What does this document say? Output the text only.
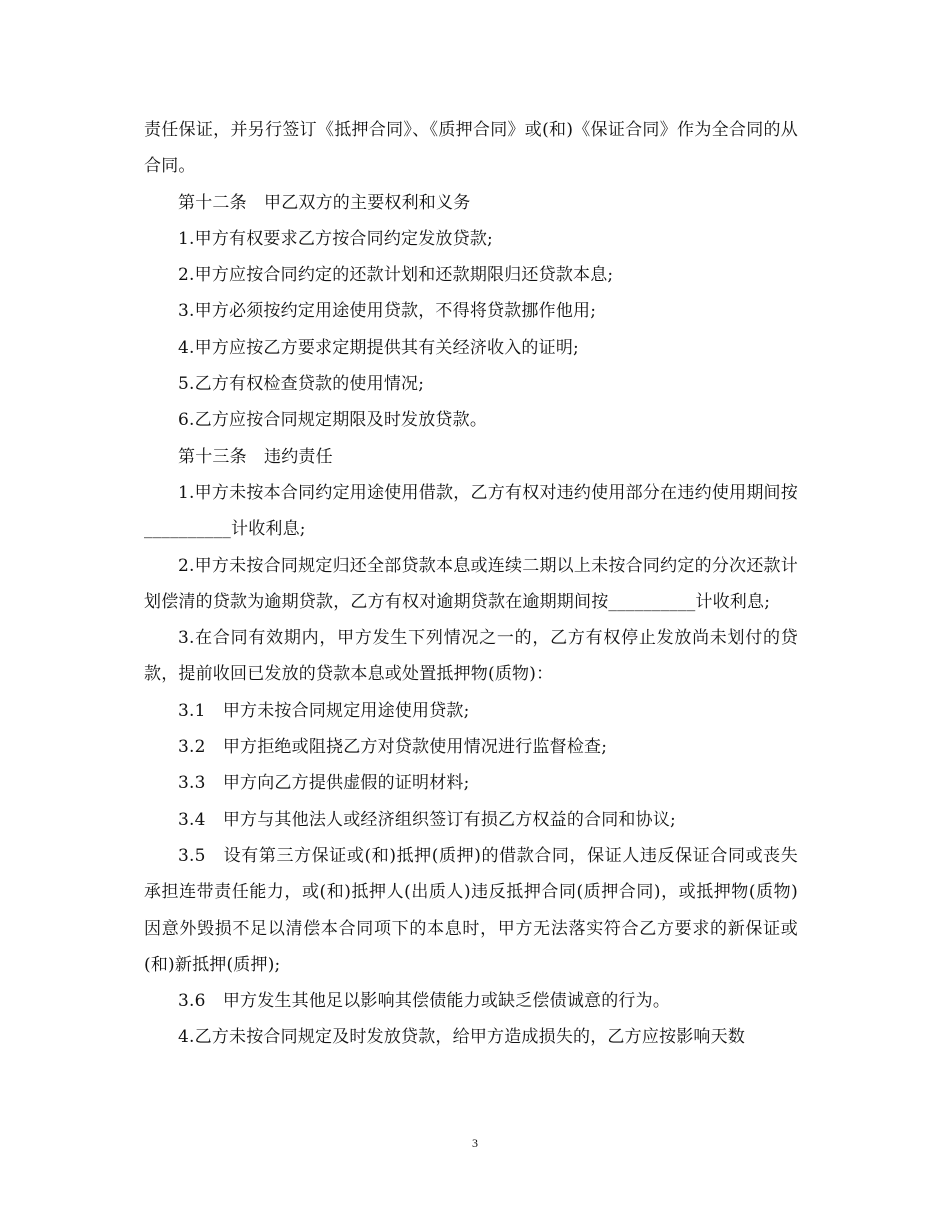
责任保证，并另行签订《抵押合同》、《质押合同》或(和)《保证合同》作为全合同的从合同。

第十二条　甲乙双方的主要权利和义务

1.甲方有权要求乙方按合同约定发放贷款;

2.甲方应按合同约定的还款计划和还款期限归还贷款本息;

3.甲方必须按约定用途使用贷款，不得将贷款挪作他用;

4.甲方应按乙方要求定期提供其有关经济收入的证明;

5.乙方有权检查贷款的使用情况;

6.乙方应按合同规定期限及时发放贷款。

第十三条　违约责任

1.甲方未按本合同约定用途使用借款，乙方有权对违约使用部分在违约使用期间按__________计收利息;

2.甲方未按合同规定归还全部贷款本息或连续二期以上未按合同约定的分次还款计划偿清的贷款为逾期贷款，乙方有权对逾期贷款在逾期期间按__________计收利息;

3.在合同有效期内，甲方发生下列情况之一的，乙方有权停止发放尚未划付的贷款，提前收回已发放的贷款本息或处置抵押物(质物)：

3.1　甲方未按合同规定用途使用贷款;

3.2　甲方拒绝或阻挠乙方对贷款使用情况进行监督检查;

3.3　甲方向乙方提供虚假的证明材料;

3.4　甲方与其他法人或经济组织签订有损乙方权益的合同和协议;

3.5　设有第三方保证或(和)抵押(质押)的借款合同，保证人违反保证合同或丧失承担连带责任能力，或(和)抵押人(出质人)违反抵押合同(质押合同)，或抵押物(质物)因意外毁损不足以清偿本合同项下的本息时，甲方无法落实符合乙方要求的新保证或(和)新抵押(质押);

3.6　甲方发生其他足以影响其偿债能力或缺乏偿债诚意的行为。

4.乙方未按合同规定及时发放贷款，给甲方造成损失的，乙方应按影响天数

3
